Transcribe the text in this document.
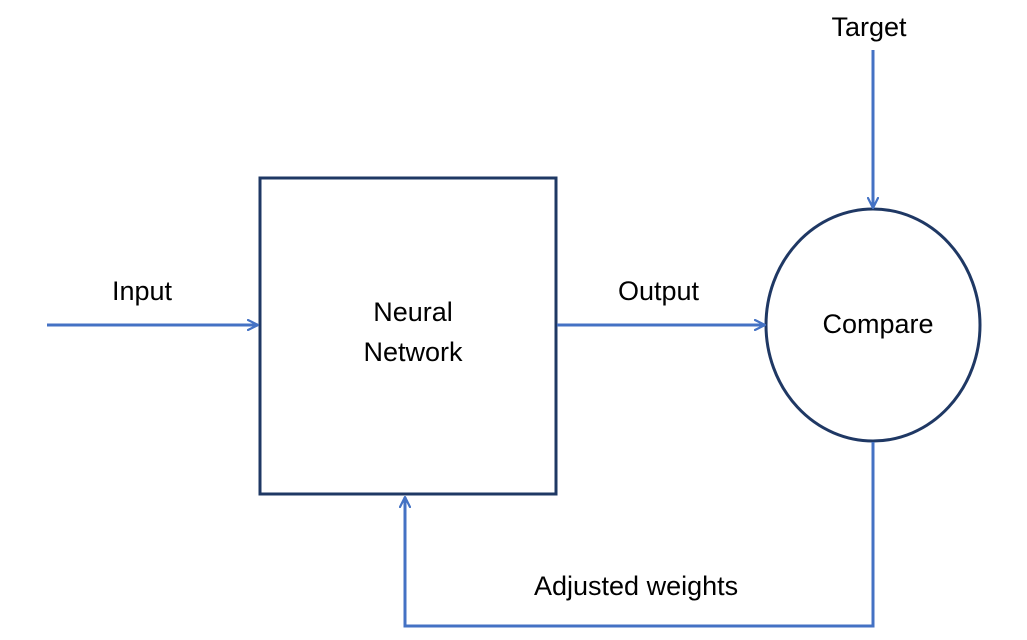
Target
Input
Neural
Network
Output
Compare
Adjusted weights
